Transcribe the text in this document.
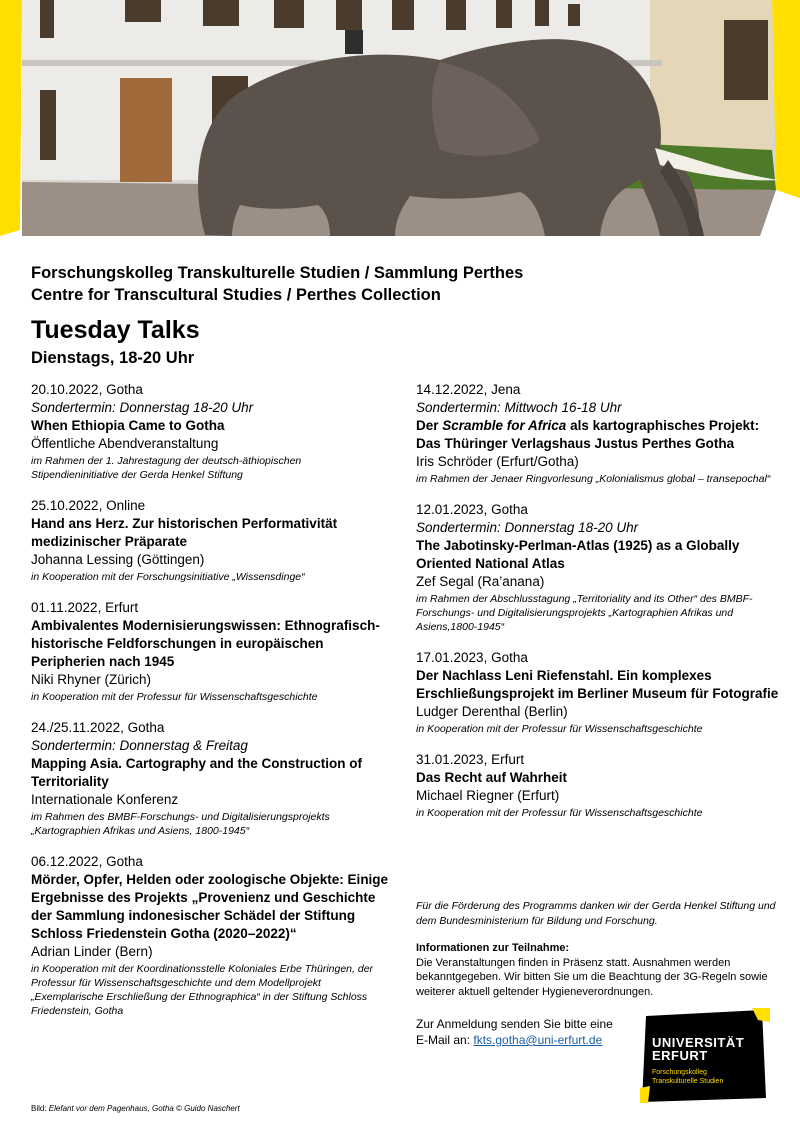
Forschungskolleg Transkulturelle Studien / Sammlung Perthes
Centre for Transcultural Studies / Perthes Collection
Tuesday Talks
Dienstags, 18-20 Uhr
20.10.2022, Gotha
Sondertermin: Donnerstag 18-20 Uhr
When Ethiopia Came to Gotha
Öffentliche Abendveranstaltung
im Rahmen der 1. Jahrestagung der deutsch-äthiopischen Stipendieninitiative der Gerda Henkel Stiftung
25.10.2022, Online
Hand ans Herz. Zur historischen Performativität medizinischer Präparate
Johanna Lessing (Göttingen)
in Kooperation mit der Forschungsinitiative „Wissensdinge“
01.11.2022, Erfurt
Ambivalentes Modernisierungswissen: Ethnografisch-historische Feldforschungen in europäischen Peripherien nach 1945
Niki Rhyner (Zürich)
in Kooperation mit der Professur für Wissenschaftsgeschichte
24./25.11.2022, Gotha
Sondertermin: Donnerstag & Freitag
Mapping Asia. Cartography and the Construction of Territoriality
Internationale Konferenz
im Rahmen des BMBF-Forschungs- und Digitalisierungsprojekts „Kartographien Afrikas und Asiens, 1800-1945“
06.12.2022, Gotha
Mörder, Opfer, Helden oder zoologische Objekte: Einige Ergebnisse des Projekts „Provenienz und Geschichte der Sammlung indonesischer Schädel der Stiftung Schloss Friedenstein Gotha (2020–2022)“
Adrian Linder (Bern)
in Kooperation mit der Koordinationsstelle Koloniales Erbe Thüringen, der Professur für Wissenschaftsgeschichte und dem Modellprojekt „Exemplarische Erschließung der Ethnographica“ in der Stiftung Schloss Friedenstein, Gotha
14.12.2022, Jena
Sondertermin: Mittwoch 16-18 Uhr
Der Scramble for Africa als kartographisches Projekt: Das Thüringer Verlagshaus Justus Perthes Gotha
Iris Schröder (Erfurt/Gotha)
im Rahmen der Jenaer Ringvorlesung „Kolonialismus global – transepochal“
12.01.2023, Gotha
Sondertermin: Donnerstag 18-20 Uhr
The Jabotinsky-Perlman-Atlas (1925) as a Globally Oriented National Atlas
Zef Segal (Ra’anana)
im Rahmen der Abschlusstagung „Territoriality and its Other“ des BMBF-Forschungs- und Digitalisierungsprojekts „Kartographien Afrikas und Asiens,1800-1945“
17.01.2023, Gotha
Der Nachlass Leni Riefenstahl. Ein komplexes Erschließungsprojekt im Berliner Museum für Fotografie
Ludger Derenthal (Berlin)
in Kooperation mit der Professur für Wissenschaftsgeschichte
31.01.2023, Erfurt
Das Recht auf Wahrheit
Michael Riegner (Erfurt)
in Kooperation mit der Professur für Wissenschaftsgeschichte
Für die Förderung des Programms danken wir der Gerda Henkel Stiftung und dem Bundesministerium für Bildung und Forschung.
Informationen zur Teilnahme:
Die Veranstaltungen finden in Präsenz statt. Ausnahmen werden bekanntgegeben. Wir bitten Sie um die Beachtung der 3G-Regeln sowie weiterer aktuell geltender Hygieneverordnungen.
Zur Anmeldung senden Sie bitte eine
E-Mail an: fkts.gotha@uni-erfurt.de	UNIVERSITÄT
ERFURT
Forschungskolleg
Transkulturelle Studien
Bild: Elefant vor dem Pagenhaus, Gotha © Guido Naschert
